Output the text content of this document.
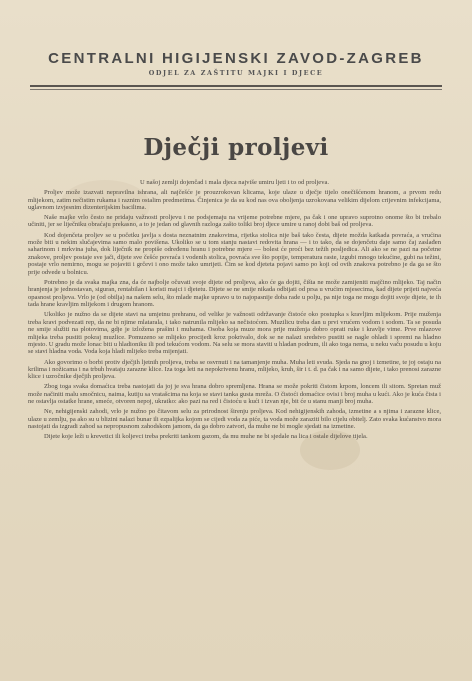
CENTRALNI HIGIJENSKI ZAVOD-ZAGREB
ODJEL ZA ZAŠTITU MAJKI I DJECE
Dječji proljevi

U našoj zemlji dojenčad i mala djeca najviše umiru ljeti i to od proljeva.

Proljev može izazvati nepravilna ishrana, ali najčešće je prouzrokovan klicama, koje ulaze u dječje tijelo onečišćenom hranom, a prvom redu mlijekom, zatim nečistim rukama i raznim ostalim predmetima. Činjenica je da su kod nas ova oboljenja uzrokovana velikim dijelom crijevnim infekcijama, uglavnom izvjesnim dizenterijskim bacilima.

Naše majke vrlo često ne pridaju važnosti proljevu i ne podsjemaju na vrijeme potrebne mjere, pa čak i one upravo suprotno onome što bi trebalo učiniti, jer se liječniku obraćaju prekasno, a to je jedan od glavnih razloga zašto toliki broj djece umire u ranoj dobi baš od proljeva.

Kod dojenčeta proljev se u početku javlja s dosta neznatnim znakovima, rijetka stolica nije baš tako česta, dijete možda katkada povraća, a vrućina može biti u nekim slučajevima samo malo povišena. Ukoliko se u tom stanju nastavi redovita hrana — i to tako, da se dojenčetu daje samo čaj zaslađen saharinom i mrkvina juha, dok liječnik ne propiše određenu hranu i potrebne mjere — bolest će proći bez težih posljedica. Ali ako se ne pazi na početne znakove, proljev postaje sve jači, dijete sve češće povraća i vodenih stolica, povraća sve što popije, temperatura raste, izgubi mnogo tekućine, gubi na težini, postaje vrlo nemirno, mogu se pojaviti i grčevi i ono može tako umrijeti. Čim se kod djeteta pojavi samo po koji od ovih znakova potrebno je da ga se što prije odvede u bolnicu.

Potrebno je da svaka majka zna, da će najbolje očuvati svoje dijete od proljeva, ako će ga dojiti, čišta ne može zamijeniti majčino mlijeko. Taj način hranjenja je jednostavan, siguran, rentabilan i koristi majci i djetetu. Dijete se ne smije nikada odbijati od prsa u vrućim mjesecima, kad dijete prijeti najveća opasnost proljeva. Vrlo je (od obilja) na našem selu, što mlade majke upravo u to najopasnije doba rade u polju, pa nije toga ne mogu dojiti svoje dijete, te ih tada hrane kravljim mlijekom i drugom hranom.

Ukoliko je nužno da se dijete stavi na umjetnu prehranu, od velike je važnosti održavanje čistoće oko postupka s kravljim mlijekom. Prije muženja treba kravi podvezati rep, da ne bi njime mlatarala, i tako natrunila mlijeko sa nečistoćom. Muzilicu treba dan u prvi vrućem vodom i sodom. Ta se posuda ne smije služiti na plotovima, gdje je izložena prašini i muhama. Osoba koja muze mora prije muženja dobro oprati ruke i kravlje vime. Prve mlazove mlijeka treba pustiti pokraj muzlice. Pomuzeno se mlijeko procijedi kroz pokrivalo, dok se ne nalazi sredstvo pustiti se nagle ohladi i spremi na hladno mjesto. U gradu može lonac biti u hladioniku ili pod tekućom vodom. Na selu se mora staviti u hladan podrum, ili ako toga nema, u neku vaču posudu u koju se stavi hladna voda. Voda koja hladi mlijeko treba mijenjati.

Ako govorimo o borbi protiv dječjih ljetnih proljeva, treba se osvrnuti i na tamanjenje muha. Muha leti svuda. Sjeda na gnoj i izmetine, te joj ostaju na krilima i nožicama i na trbuh hvataju zarazne klice. Iza toga leti na nepokrivenu hranu, mlijeko, kruh, šir i t. d. pa čak i na samo dijete, i tako prenosi zarazne klice i uzročnike dječjih proljeva.

Zbog toga svaka domaćica treba nastojati da joj je sva hrana dobro spremljena. Hrana se može pokriti čistom krpom, loncem ili sitom. Spretan muž može načiniti malu smočnicu, naima, kutiju sa vratašcima na koja se stavi tanka gusta mreža. O čistoći domaćice ovisi i broj muha u kući. Ako je kuća čista i ne ostavlja ostatke hrane, smeće, otvoren nepoj, ukratko: ako pazi na red i čistoću u kući i izvan nje, bit će u stanu manji broj muha.

Ne, nehigijenski zahodi, vrlo je nužno po čitavom selu za prirodnost širenju proljeva. Kod nehigijenskih zahoda, izmetine a s njima i zarazne klice, ulaze u zemlju, pa ako su u blizini nalazi bunar ili ezpalijka kojom se cijedi voda za piće, ta voda može zaraziti bilo cijelu obitelj. Zato svaka kućanstvo mora nastojati da izgradi zahod sa nepropusnom zahodskom jamom, da ga dobro zatvori, da muhe ne bi mogle sjedati na izmetine.

Dijete koje leži u krevetici ili koljevci treba prekriti tankom gazom, da mu muhe ne bi sjedale na lica i ostale dijelove tijela.
